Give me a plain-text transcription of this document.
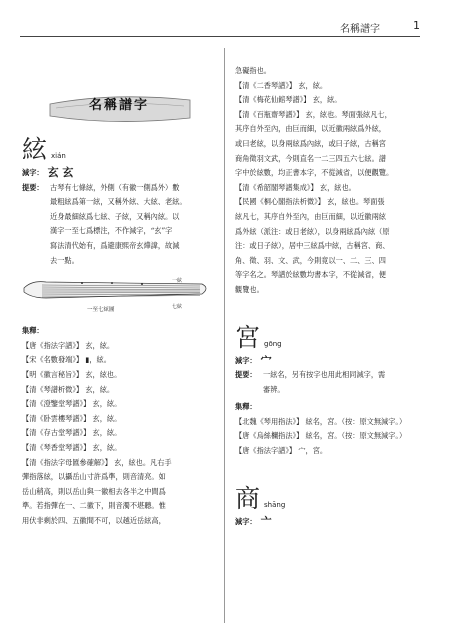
名稱譜字	1
名稱譜字
絃xián
減字： 玄 玄
提要： 古琴有七條絃，外側（有徽一側爲外）數

最粗絃爲第一絃，又稱外絃、大絃、老絃。

近身最細絃爲七絃、子絃，又稱內絃。以

漢字一至七爲標注，不作減字，“玄”字

寫法清代始有，爲避康熙帝玄燁諱，故減

去一點。

一絃
七絃
一至七絃圖
集釋：

【唐《指法字譜》】 玄，絃。

【宋《名數發端》】 ▮，絃。

【明《徽言秘旨》】 玄，絃也。

【清《琴譜析微》】 玄，絃。

【清《澄鑒堂琴譜》】 玄，絃。

【清《卧雲樓琴譜》】 玄，絃。

【清《存古堂琴譜》】 玄，絃。

【清《琴香堂琴譜》】 玄，絃。

【清《指法字母匯參確解》】 玄，絃也。凡右手

彈指落絃，以攝岳山寸許爲準，則音清亮。如

岳山稍高，則以岳山與一徽相去各半之中間爲

準。若指彈在一、二徽下，則音濁不堪聽。惟

用伏非剩於四、五徽間不可，以越近岳絃高，

急礙指也。

【清《二香琴譜》】 玄，絃。

【清《梅花仙館琴譜》】 玄，絃。

【清《百瓶齋琴譜》】 玄，絃也。琴面張絃凡七，

其序自外至內，由巨而細，以近徽兩絃爲外絃，

或曰老絃，以身兩絃爲內絃，或曰子絃，古稱宮

商角徵羽文武，今則直名一二三四五六七絃。譜

字中於絃數，均正書本字，不從減省，以便觀覽。

【清《希韶閣琴譜集成》】 玄，絃也。

【民國《桐心閣指法析微》】 玄，絃也。琴面張

絃凡七，其序自外至內，由巨而細，以近徽兩絃

爲外絃（派注：或日老絃），以身兩絃爲內絃（原

注：或日子絃），居中三絃爲中絃，古稱宮、商、

角、徵、羽、文、武，今則竟以一、二、三、四

等字名之。琴譜於絃數均書本字，不從減省，便

觀覽也。

宮gōng
減字： 宀
提要： 一絃名，另有按字也用此相同減字，需

審辨。

集釋：

【北魏《琴用指法》】 絃名，宮。（按：原文無減字。）

【唐《烏絲欄指法》】 絃名，宮。（按：原文無減字。）

【唐《指法字譜》】 宀，宮。

商shāng
減字： 亠
